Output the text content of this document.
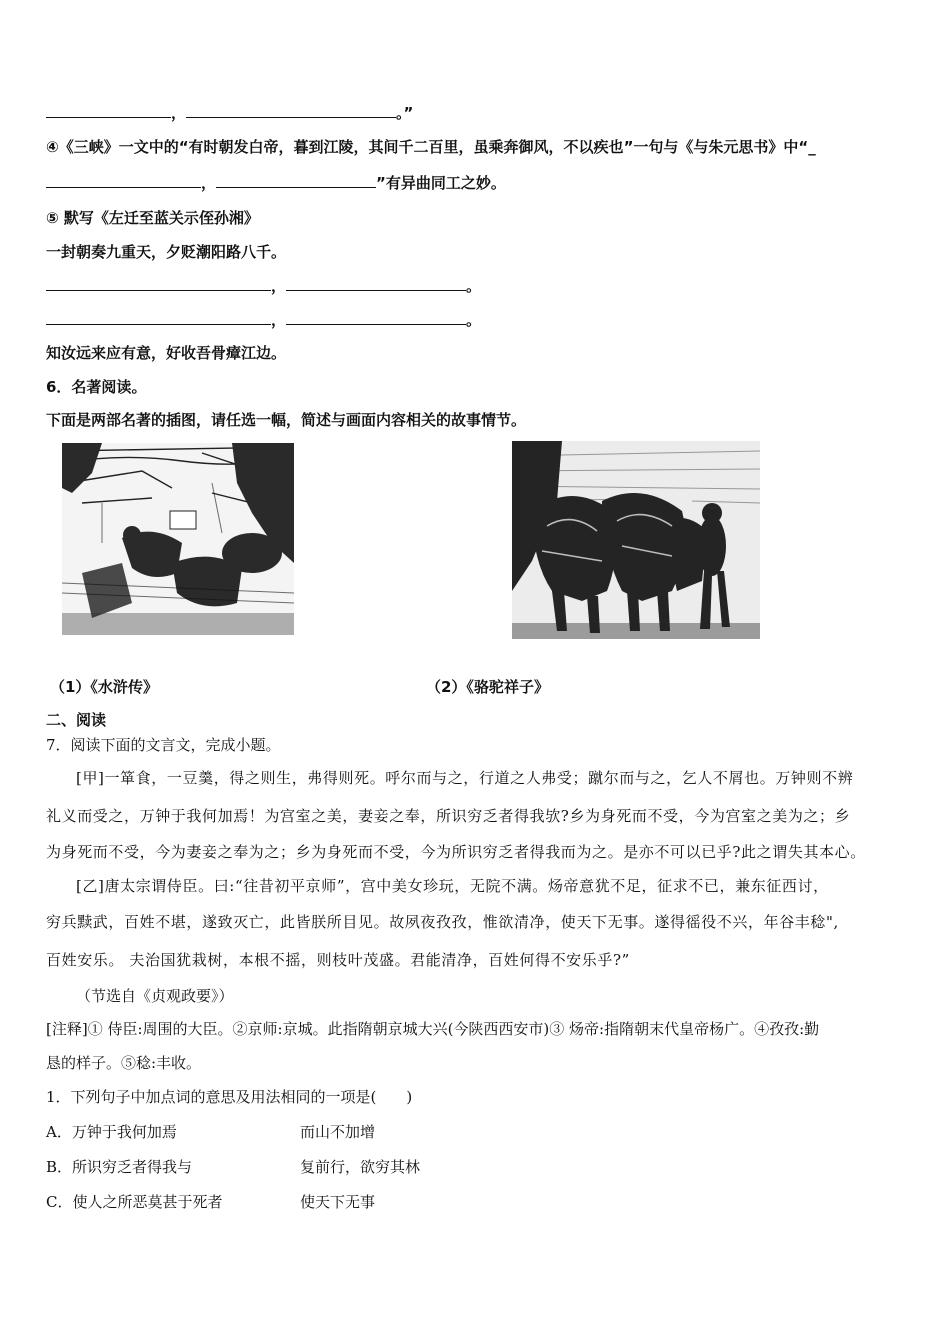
，	。”
④《三峡》一文中的“有时朝发白帝，暮到江陵，其间千二百里，虽乘奔御风，不以疾也”一句与《与朱元思书》中“_
，	”有异曲同工之妙。
⑤ 默写《左迁至蓝关示侄孙湘》
一封朝奏九重天，夕贬潮阳路八千。
，	。
，	。
知汝远来应有意，好收吾骨瘴江边。
6．名著阅读。
下面是两部名著的插图，请任选一幅，简述与画面内容相关的故事情节。
（1）《水浒传》	（2）《骆驼祥子》
二、阅读
7．阅读下面的文言文，完成小题。
[甲]一箪食，一豆羹，得之则生，弗得则死。呼尔而与之，行道之人弗受；蹴尔而与之，乞人不屑也。万钟则不辨
礼义而受之，万钟于我何加焉！为宫室之美，妻妾之奉，所识穷乏者得我欤?乡为身死而不受，今为宫室之美为之；乡
为身死而不受，今为妻妾之奉为之；乡为身死而不受，今为所识穷乏者得我而为之。是亦不可以已乎?此之谓失其本心。
[乙]唐太宗谓侍臣。曰:“往昔初平京师”，宫中美女珍玩，无院不满。炀帝意犹不足，征求不已，兼东征西讨，
穷兵黩武，百姓不堪，遂致灭亡，此皆朕所目见。故夙夜孜孜，惟欲清净，使天下无事。遂得徭役不兴，年谷丰稔",
百姓安乐。 夫治国犹栽树，本根不摇，则枝叶茂盛。君能清净，百姓何得不安乐乎?”
（节选自《贞观政要》）
[注释]① 侍臣:周围的大臣。②京师:京城。此指隋朝京城大兴(今陕西西安市)③ 炀帝:指隋朝末代皇帝杨广。④孜孜:勤
恳的样子。⑤稔:丰收。
1．下列句子中加点词的意思及用法相同的一项是(　　)
A．万钟于我何加焉	而山不加增
B．所识穷乏者得我与	复前行，欲穷其林
C．使人之所恶莫甚于死者	使天下无事
